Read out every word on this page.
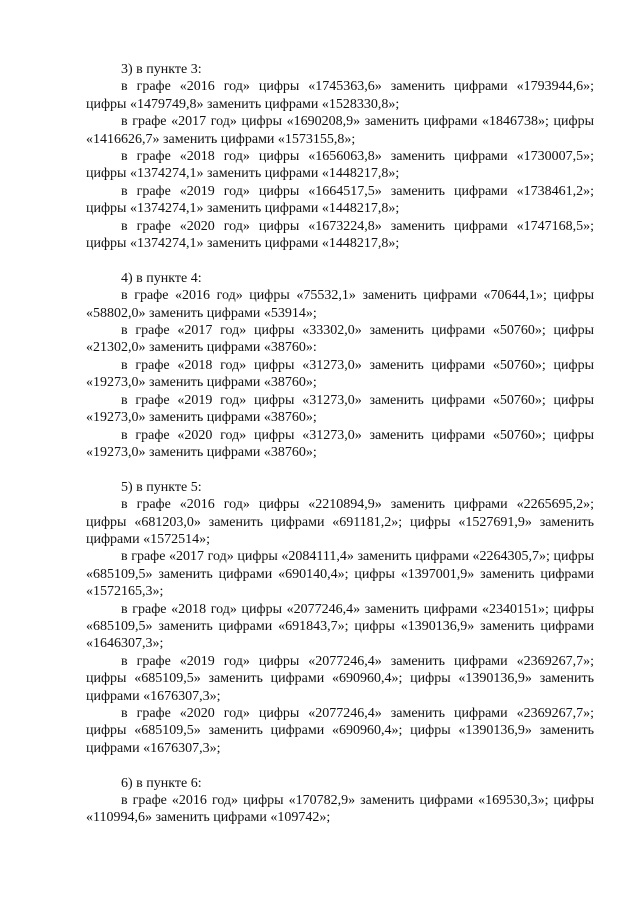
3) в пункте 3:

в графе «2016 год» цифры «1745363,6» заменить цифрами «1793944,6»; цифры «1479749,8» заменить цифрами «1528330,8»;

в графе «2017 год» цифры «1690208,9» заменить цифрами «1846738»; цифры «1416626,7» заменить цифрами «1573155,8»;

в графе «2018 год» цифры «1656063,8» заменить цифрами «1730007,5»; цифры «1374274,1» заменить цифрами «1448217,8»;

в графе «2019 год» цифры «1664517,5» заменить цифрами «1738461,2»; цифры «1374274,1» заменить цифрами «1448217,8»;

в графе «2020 год» цифры «1673224,8» заменить цифрами «1747168,5»; цифры «1374274,1» заменить цифрами «1448217,8»;

4) в пункте 4:

в графе «2016 год» цифры «75532,1» заменить цифрами «70644,1»; цифры «58802,0» заменить цифрами «53914»;

в графе «2017 год» цифры «33302,0» заменить цифрами «50760»; цифры «21302,0» заменить цифрами «38760»:

в графе «2018 год» цифры «31273,0» заменить цифрами «50760»; цифры «19273,0» заменить цифрами «38760»;

в графе «2019 год» цифры «31273,0» заменить цифрами «50760»; цифры «19273,0» заменить цифрами «38760»;

в графе «2020 год» цифры «31273,0» заменить цифрами «50760»; цифры «19273,0» заменить цифрами «38760»;

5) в пункте 5:

в графе «2016 год» цифры «2210894,9» заменить цифрами «2265695,2»; цифры «681203,0» заменить цифрами «691181,2»; цифры «1527691,9» заменить цифрами «1572514»;

в графе «2017 год» цифры «2084111,4» заменить цифрами «2264305,7»; цифры «685109,5» заменить цифрами «690140,4»; цифры «1397001,9» заменить цифрами «1572165,3»;

в графе «2018 год» цифры «2077246,4» заменить цифрами «2340151»; цифры «685109,5» заменить цифрами «691843,7»; цифры «1390136,9» заменить цифрами «1646307,3»;

в графе «2019 год» цифры «2077246,4» заменить цифрами «2369267,7»; цифры «685109,5» заменить цифрами «690960,4»; цифры «1390136,9» заменить цифрами «1676307,3»;

в графе «2020 год» цифры «2077246,4» заменить цифрами «2369267,7»; цифры «685109,5» заменить цифрами «690960,4»; цифры «1390136,9» заменить цифрами «1676307,3»;

6) в пункте 6:

в графе «2016 год» цифры «170782,9» заменить цифрами «169530,3»; цифры «110994,6» заменить цифрами «109742»;
